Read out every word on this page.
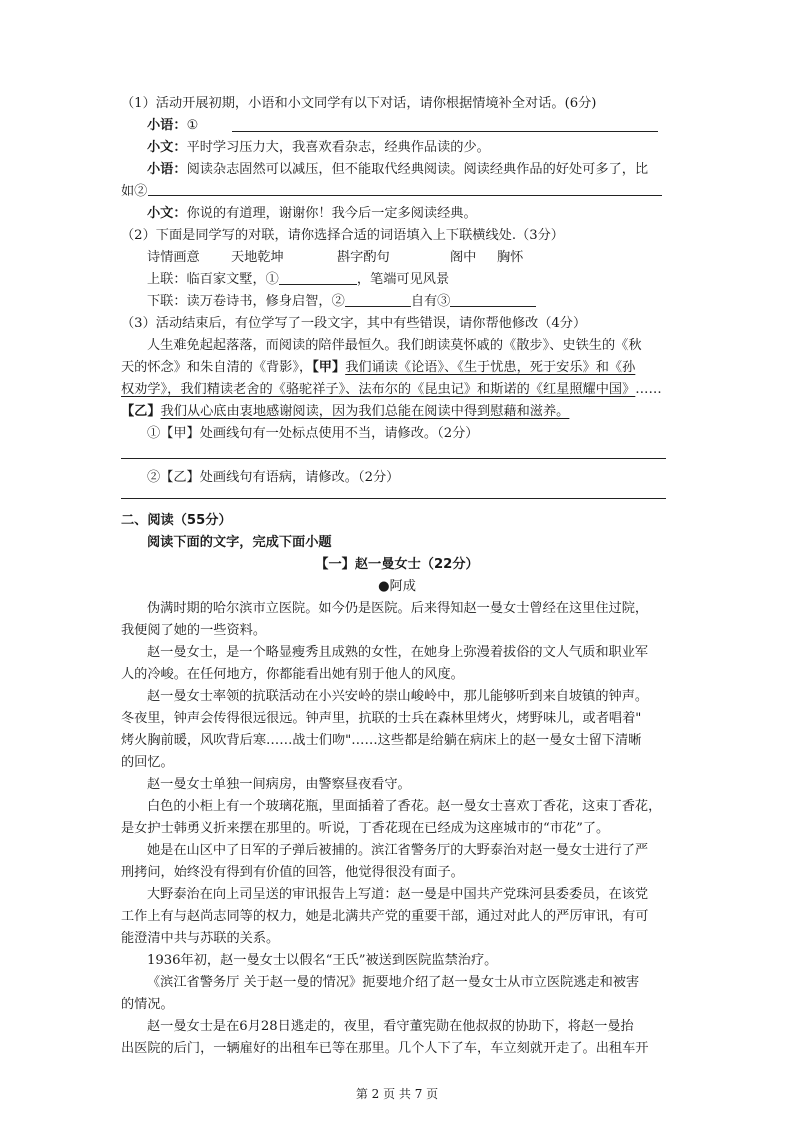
（1）活动开展初期，小语和小文同学有以下对话，请你根据情境补全对话。(6分)
小语：①
小文：平时学习压力大，我喜欢看杂志，经典作品读的少。
小语：阅读杂志固然可以减压，但不能取代经典阅读。阅读经典作品的好处可多了，比
如②
小文：你说的有道理，谢谢你！我今后一定多阅读经典。
（2）下面是同学写的对联，请你选择合适的词语填入上下联横线处.（3分）
诗情画意 天地乾坤	斟字酌句	阁中 胸怀
上联：临百家文墅，①	，笔端可见风景
下联：读万卷诗书，修身启智，②	自有③
（3）活动结束后，有位学写了一段文字，其中有些错误，请你帮他修改（4分）
人生难免起起落落，而阅读的陪伴最恒久。我们朗读莫怀戚的《散步》、史铁生的《秋
天的怀念》和朱自清的《背影》，【甲】我们诵读《论语》、《生于忧患，死于安乐》和《孙
权劝学》，我们精读老舍的《骆驼祥子》、法布尔的《昆虫记》和斯诺的《红星照耀中国》……
【乙】我们从心底由衷地感谢阅读，因为我们总能在阅读中得到慰藉和滋养。
①【甲】处画线句有一处标点使用不当，请修改。（2分）
②【乙】处画线句有语病，请修改。（2分）
二、阅读（55分）
阅读下面的文字，完成下面小题
【一】赵一曼女士（22分）
●阿成
伪满时期的哈尔滨市立医院。如今仍是医院。后来得知赵一曼女士曾经在这里住过院，
我便阅了她的一些资料。
赵一曼女士，是一个略显瘦秀且成熟的女性，在她身上弥漫着拔俗的文人气质和职业军
人的冷峻。在任何地方，你都能看出她有别于他人的风度。
赵一曼女士率领的抗联活动在小兴安岭的崇山峻岭中，那儿能够听到来自坡镇的钟声。
冬夜里，钟声会传得很远很远。钟声里，抗联的士兵在森林里烤火，烤野味儿，或者唱着"
烤火胸前暖，风吹背后寒……战士们吻"……这些都是给躺在病床上的赵一曼女士留下清晰
的回忆。
赵一曼女士单独一间病房，由警察昼夜看守。
白色的小柜上有一个玻璃花瓶，里面插着了香花。赵一曼女士喜欢丁香花，这束丁香花，
是女护士韩勇义折来摆在那里的。听说，丁香花现在已经成为这座城市的“市花”了。
她是在山区中了日军的子弹后被捕的。滨江省警务厅的大野泰治对赵一曼女士进行了严
刑拷问，始终没有得到有价值的回答，他觉得很没有面子。
大野泰治在向上司呈送的审讯报告上写道：赵一曼是中国共产党珠河县委委员，在该党
工作上有与赵尚志同等的权力，她是北满共产党的重要干部，通过对此人的严厉审讯，有可
能澄清中共与苏联的关系。
1936年初，赵一曼女士以假名“王氏”被送到医院监禁治疗。
《滨江省警务厅 关于赵一曼的情况》扼要地介绍了赵一曼女士从市立医院逃走和被害
的情况。
赵一曼女士是在6月28日逃走的，夜里，看守董宪勋在他叔叔的协助下，将赵一曼抬
出医院的后门，一辆雇好的出租车已等在那里。几个人下了车，车立刻就开走了。出租车开
第 2 页 共 7 页
